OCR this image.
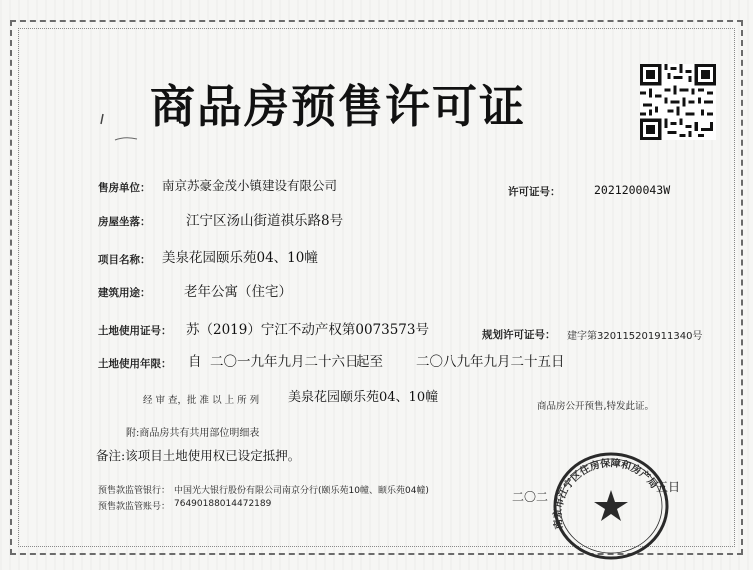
商品房预售许可证
售房单位： 南京苏豪金茂小镇建设有限公司	许可证号：	2021200043W
房屋坐落：	江宁区汤山街道祺乐路8号
项目名称： 美泉花园颐乐苑04、10幢
建筑用途： 老年公寓（住宅）
土地使用证号： 苏（2019）宁江不动产权第0073573号	规划许可证号： 建字第320115201911340号
土地使用年限： 自 二〇一九年九月二十六日
起至 二〇八九年九月二十五日
经 审 查，批 准 以 上 所 列 美泉花园颐乐苑04、10幢
商品房公开预售,特发此证。
附:商品房共有共用部位明细表
备注:该项目土地使用权已设定抵押。
预售款监管银行： 中国光大银行股份有限公司南京分行(颐乐苑10幢、颐乐苑04幢)
预售款监管账号： 76490188014472189	二〇二
五日
南京市江宁区住房保障和房产局
